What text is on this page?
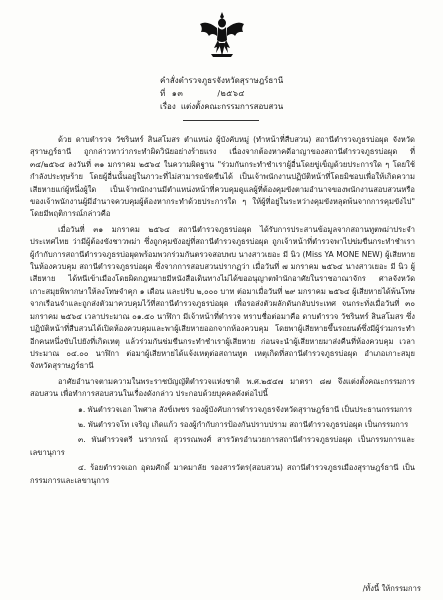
คำสั่งตำรวจภูธรจังหวัดสุราษฎร์ธานี
ที่ ๑๓	/๒๕๖๔
เรื่อง แต่งตั้งคณะกรรมการสอบสวน

ด้วย ดาบตำรวจ วัชรินทร์ สินสโมสร ตำแหน่ง ผู้บังคับหมู่ (ทำหน้าที่สืบสวน) สถานีตำรวจภูธรบ่อผุด จังหวัดสุราษฎร์ธานี ถูกกล่าวหาว่ากระทำผิดวินัยอย่างร้ายแรง เนื่องจากต้องหาคดีอาญาของสถานีตำรวจภูธรบ่อผุด ที่ ๓๔/๒๕๖๔ ลงวันที่ ๓๑ มกราคม ๒๕๖๔ ในความผิดฐาน "ร่วมกันกระทำชำเราผู้อื่นโดยขู่เข็ญด้วยประการใด ๆ โดยใช้กำลังประทุษร้าย โดยผู้อื่นนั้นอยู่ในภาวะที่ไม่สามารถขัดขืนได้ เป็นเจ้าพนักงานปฏิบัติหน้าที่โดยมิชอบเพื่อให้เกิดความเสียหายแก่ผู้หนึ่งผู้ใด เป็นเจ้าพนักงานมีตำแหน่งหน้าที่ควบคุมดูแลผู้ที่ต้องคุมขังตามอำนาจของพนักงานสอบสวนหรือของเจ้าพนักงานผู้มีอำนาจควบคุมผู้ต้องหากระทำด้วยประการใด ๆ ให้ผู้ที่อยู่ในระหว่างคุมขังหลุดพ้นจากการคุมขังไป" โดยมีพฤติการณ์กล่าวคือ

เมื่อวันที่ ๓๑ มกราคม ๒๕๖๔ สถานีตำรวจภูธรบ่อผุด ได้รับการประสานข้อมูลจากสถานทูตพม่าประจำประเทศไทย ว่ามีผู้ต้องขังชาวพม่า ซึ่งถูกคุมขังอยู่ที่สถานีตำรวจภูธรบ่อผุด ถูกเจ้าหน้าที่ตำรวจพาไปข่มขืนกระทำชำเรา ผู้กำกับการสถานีตำรวจภูธรบ่อผุดพร้อมพวกร่วมกันตรวจสอบพบ นางสาวเยอะ มี นิว (Miss YA MONE NEW) ผู้เสียหาย ในห้องควบคุม สถานีตำรวจภูธรบ่อผุด ซึ่งจากการสอบสวนปรากฏว่า เมื่อวันที่ ๗ มกราคม ๒๕๖๔ นางสาวเยอะ มี นิว ผู้เสียหาย ได้หนีเข้าเมืองโดยผิดกฎหมายมีหนังสือเดินทางไม่ได้ขออนุญาตพำนักอาศัยในราชอาณาจักร ศาลจังหวัดเกาะสมุยพิพากษาให้ลงโทษจำคุก ๑ เดือน และปรับ ๒,๐๐๐ บาท ต่อมาเมื่อวันที่ ๒๙ มกราคม ๒๕๖๔ ผู้เสียหายได้พ้นโทษจากเรือนจำและถูกส่งตัวมาควบคุมไว้ที่สถานีตำรวจภูธรบ่อผุด เพื่อรอส่งตัวผลักดันกลับประเทศ จนกระทั่งเมื่อวันที่ ๓๐ มกราคม ๒๕๖๔ เวลาประมาณ ๐๑.๕๐ นาฬิกา มีเจ้าหน้าที่ตำรวจ ทราบชื่อต่อมาคือ ดาบตำรวจ วัชรินทร์ สินสโมสร ซึ่งปฏิบัติหน้าที่สืบสวนได้เปิดห้องควบคุมและพาผู้เสียหายออกจากห้องควบคุม โดยพาผู้เสียหายขึ้นรถยนต์ซึ่งมีผู้ร่วมกระทำอีกคนหนึ่งขับไปยังที่เกิดเหตุ แล้วร่วมกันข่มขืนกระทำชำเราผู้เสียหาย ก่อนจะนำผู้เสียหายมาส่งคืนที่ห้องควบคุม เวลาประมาณ ๐๔.๐๐ นาฬิกา ต่อมาผู้เสียหายได้แจ้งเหตุต่อสถานทูต เหตุเกิดที่สถานีตำรวจภูธรบ่อผุด อำเภอเกาะสมุย จังหวัดสุราษฎร์ธานี

อาศัยอำนาจตามความในพระราชบัญญัติตำรวจแห่งชาติ พ.ศ.๒๕๔๗ มาตรา ๘๗ จึงแต่งตั้งคณะกรรมการสอบสวน เพื่อทำการสอบสวนในเรื่องดังกล่าว ประกอบด้วยบุคคลดังต่อไปนี้

๑. พันตำรวจเอก ไพศาล สังข์เพชร รองผู้บังคับการตำรวจภูธรจังหวัดสุราษฎร์ธานี เป็นประธานกรรมการ

๒. พันตำรวจโท เจริญ เกิดแก้ว รองผู้กำกับการป้องกันปราบปราม สถานีตำรวจภูธรบ่อผุด เป็นกรรมการ

๓. พันตำรวจตรี นรากรณ์ สุวรรณพงศ์ สารวัตรอำนวยการสถานีตำรวจภูธรบ่อผุด เป็นกรรมการและเลขานุการ

๔. ร้อยตำรวจเอก อุดมศักดิ์ มาคมาลัย รองสารวัตร(สอบสวน) สถานีตำรวจภูธรเมืองสุราษฎร์ธานี เป็นกรรมการและเลขานุการ

/ทั้งนี้ ให้กรรมการ
